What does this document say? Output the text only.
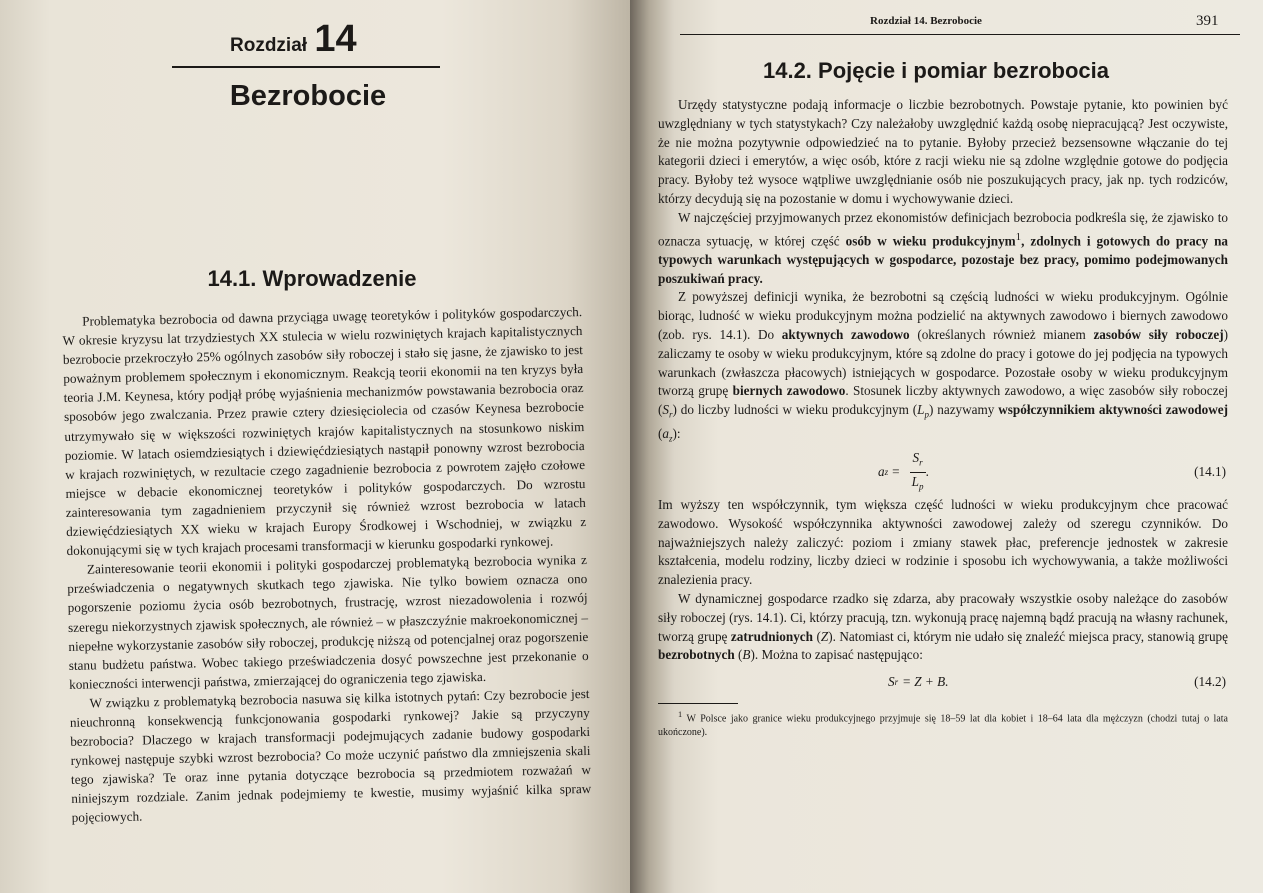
Rozdział 14
Bezrobocie
14.1. Wprowadzenie

Problematyka bezrobocia od dawna przyciąga uwagę teoretyków i polityków gospodarczych. W okresie kryzysu lat trzydziestych XX stulecia w wielu rozwiniętych krajach kapitalistycznych bezrobocie przekroczyło 25% ogólnych zasobów siły roboczej i stało się jasne, że zjawisko to jest poważnym problemem społecznym i ekonomicznym. Reakcją teorii ekonomii na ten kryzys była teoria J.M. Keynesa, który podjął próbę wyjaśnienia mechanizmów powstawania bezrobocia oraz sposobów jego zwalczania. Przez prawie cztery dziesięciolecia od czasów Keynesa bezrobocie utrzymywało się w większości rozwiniętych krajów kapitalistycznych na stosunkowo niskim poziomie. W latach osiemdziesiątych i dziewięćdziesiątych nastąpił ponowny wzrost bezrobocia w krajach rozwiniętych, w rezultacie czego zagadnienie bezrobocia z powrotem zajęło czołowe miejsce w debacie ekonomicznej teoretyków i polityków gospodarczych. Do wzrostu zainteresowania tym zagadnieniem przyczynił się również wzrost bezrobocia w latach dziewięćdziesiątych XX wieku w krajach Europy Środkowej i Wschodniej, w związku z dokonującymi się w tych krajach procesami transformacji w kierunku gospodarki rynkowej.

Zainteresowanie teorii ekonomii i polityki gospodarczej problematyką bezrobocia wynika z przeświadczenia o negatywnych skutkach tego zjawiska. Nie tylko bowiem oznacza ono pogorszenie poziomu życia osób bezrobotnych, frustrację, wzrost niezadowolenia i rozwój szeregu niekorzystnych zjawisk społecznych, ale również – w płaszczyźnie makroekonomicznej – niepełne wykorzystanie zasobów siły roboczej, produkcję niższą od potencjalnej oraz pogorszenie stanu budżetu państwa. Wobec takiego przeświadczenia dosyć powszechne jest przekonanie o konieczności interwencji państwa, zmierzającej do ograniczenia tego zjawiska.

W związku z problematyką bezrobocia nasuwa się kilka istotnych pytań: Czy bezrobocie jest nieuchronną konsekwencją funkcjonowania gospodarki rynkowej? Jakie są przyczyny bezrobocia? Dlaczego w krajach transformacji podejmujących zadanie budowy gospodarki rynkowej następuje szybki wzrost bezrobocia? Co może uczynić państwo dla zmniejszenia skali tego zjawiska? Te oraz inne pytania dotyczące bezrobocia są przedmiotem rozważań w niniejszym rozdziale. Zanim jednak podejmiemy te kwestie, musimy wyjaśnić kilka spraw pojęciowych.

Rozdział 14. Bezrobocie	391
14.2. Pojęcie i pomiar bezrobocia

Urzędy statystyczne podają informacje o liczbie bezrobotnych. Powstaje pytanie, kto powinien być uwzględniany w tych statystykach? Czy należałoby uwzględnić każdą osobę niepracującą? Jest oczywiste, że nie można pozytywnie odpowiedzieć na to pytanie. Byłoby przecież bezsensowne włączanie do tej kategorii dzieci i emerytów, a więc osób, które z racji wieku nie są zdolne względnie gotowe do podjęcia pracy. Byłoby też wysoce wątpliwe uwzględnianie osób nie poszukujących pracy, jak np. tych rodziców, którzy decydują się na pozostanie w domu i wychowywanie dzieci.

W najczęściej przyjmowanych przez ekonomistów definicjach bezrobocia podkreśla się, że zjawisko to oznacza sytuację, w której część osób w wieku produkcyjnym$^1$, zdolnych i gotowych do pracy na typowych warunkach występujących w gospodarce, pozostaje bez pracy, pomimo podejmowanych poszukiwań pracy.

Z powyższej definicji wynika, że bezrobotni są częścią ludności w wieku produkcyjnym. Ogólnie biorąc, ludność w wieku produkcyjnym można podzielić na aktywnych zawodowo i biernych zawodowo (zob. rys. 14.1). Do aktywnych zawodowo (określanych również mianem zasobów siły roboczej) zaliczamy te osoby w wieku produkcyjnym, które są zdolne do pracy i gotowe do jej podjęcia na typowych warunkach (zwłaszcza płacowych) istniejących w gospodarce. Pozostałe osoby w wieku produkcyjnym tworzą grupę biernych zawodowo. Stosunek liczby aktywnych zawodowo, a więc zasobów siły roboczej $(S_r)$ do liczby ludności w wieku produkcyjnym $(L_p)$ nazywamy współczynnikiem aktywności zawodowej $(a_z)$:

a $z = \frac{S_r}{L_p}$ .	(14.1)

Im wyższy ten współczynnik, tym większa część ludności w wieku produkcyjnym chce pracować zawodowo. Wysokość współczynnika aktywności zawodowej zależy od szeregu czynników. Do najważniejszych należy zaliczyć: poziom i zmiany stawek płac, preferencje jednostek w zakresie kształcenia, modelu rodziny, liczby dzieci w rodzinie i sposobu ich wychowywania, a także możliwości znalezienia pracy.

W dynamicznej gospodarce rzadko się zdarza, aby pracowały wszystkie osoby należące do zasobów siły roboczej (rys. 14.1). Ci, którzy pracują, tzn. wykonują pracę najemną bądź pracują na własny rachunek, tworzą grupę zatrudnionych (Z). Natomiast ci, którym nie udało się znaleźć miejsca pracy, stanowią grupę bezrobotnych (B). Można to zapisać następująco:

S r = Z + B.	(14.2)
$^1$ W Polsce jako granice wieku produkcyjnego przyjmuje się 18–59 lat dla kobiet i 18–64 lata dla mężczyzn (chodzi tutaj o lata ukończone).
